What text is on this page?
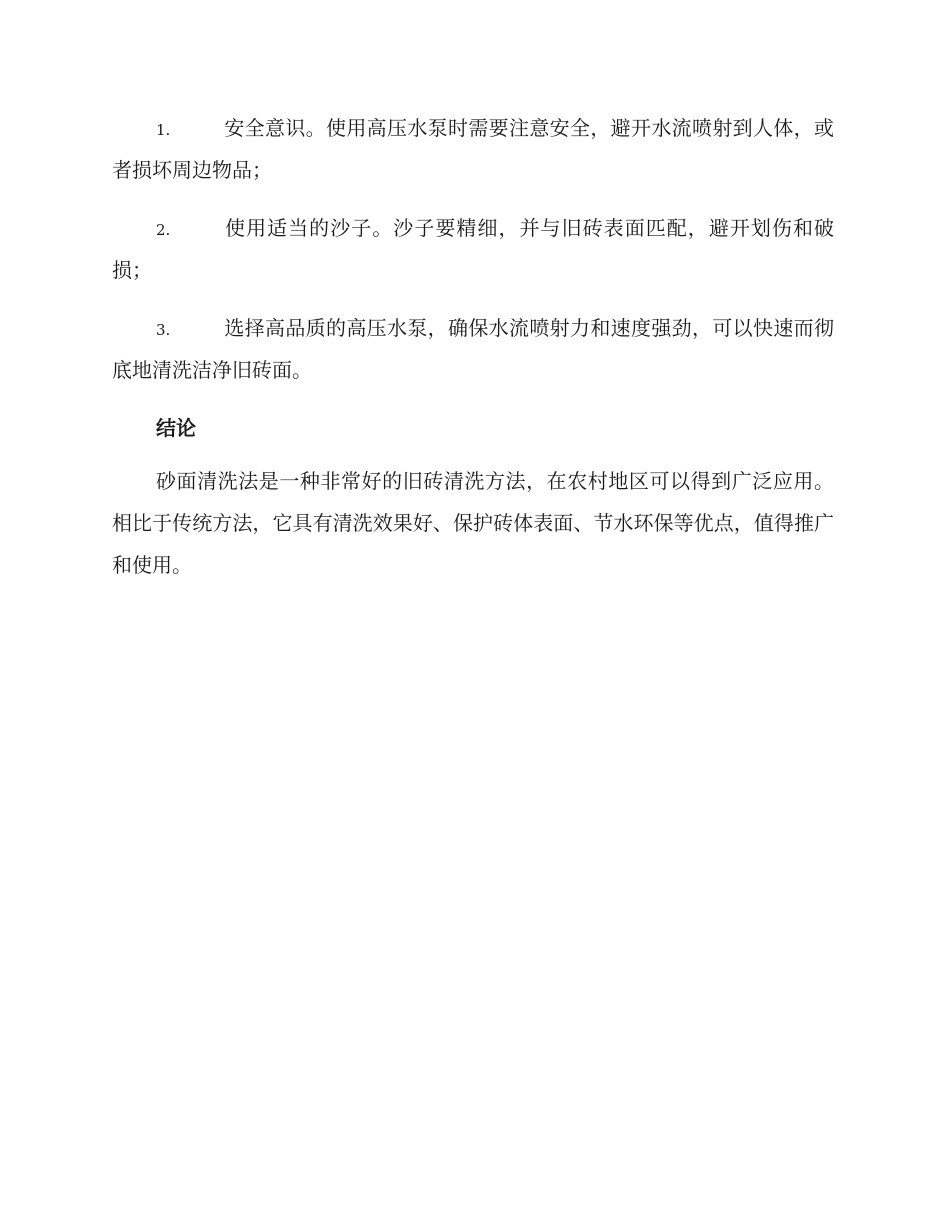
1.	安全意识。使用高压水泵时需要注意安全，避开水流喷射到人体，或者损坏周边物品；

2.	使用适当的沙子。沙子要精细，并与旧砖表面匹配，避开划伤和破损；

3.	选择高品质的高压水泵，确保水流喷射力和速度强劲，可以快速而彻底地清洗洁净旧砖面。

结论

砂面清洗法是一种非常好的旧砖清洗方法，在农村地区可以得到广泛应用。相比于传统方法，它具有清洗效果好、保护砖体表面、节水环保等优点，值得推广和使用。
